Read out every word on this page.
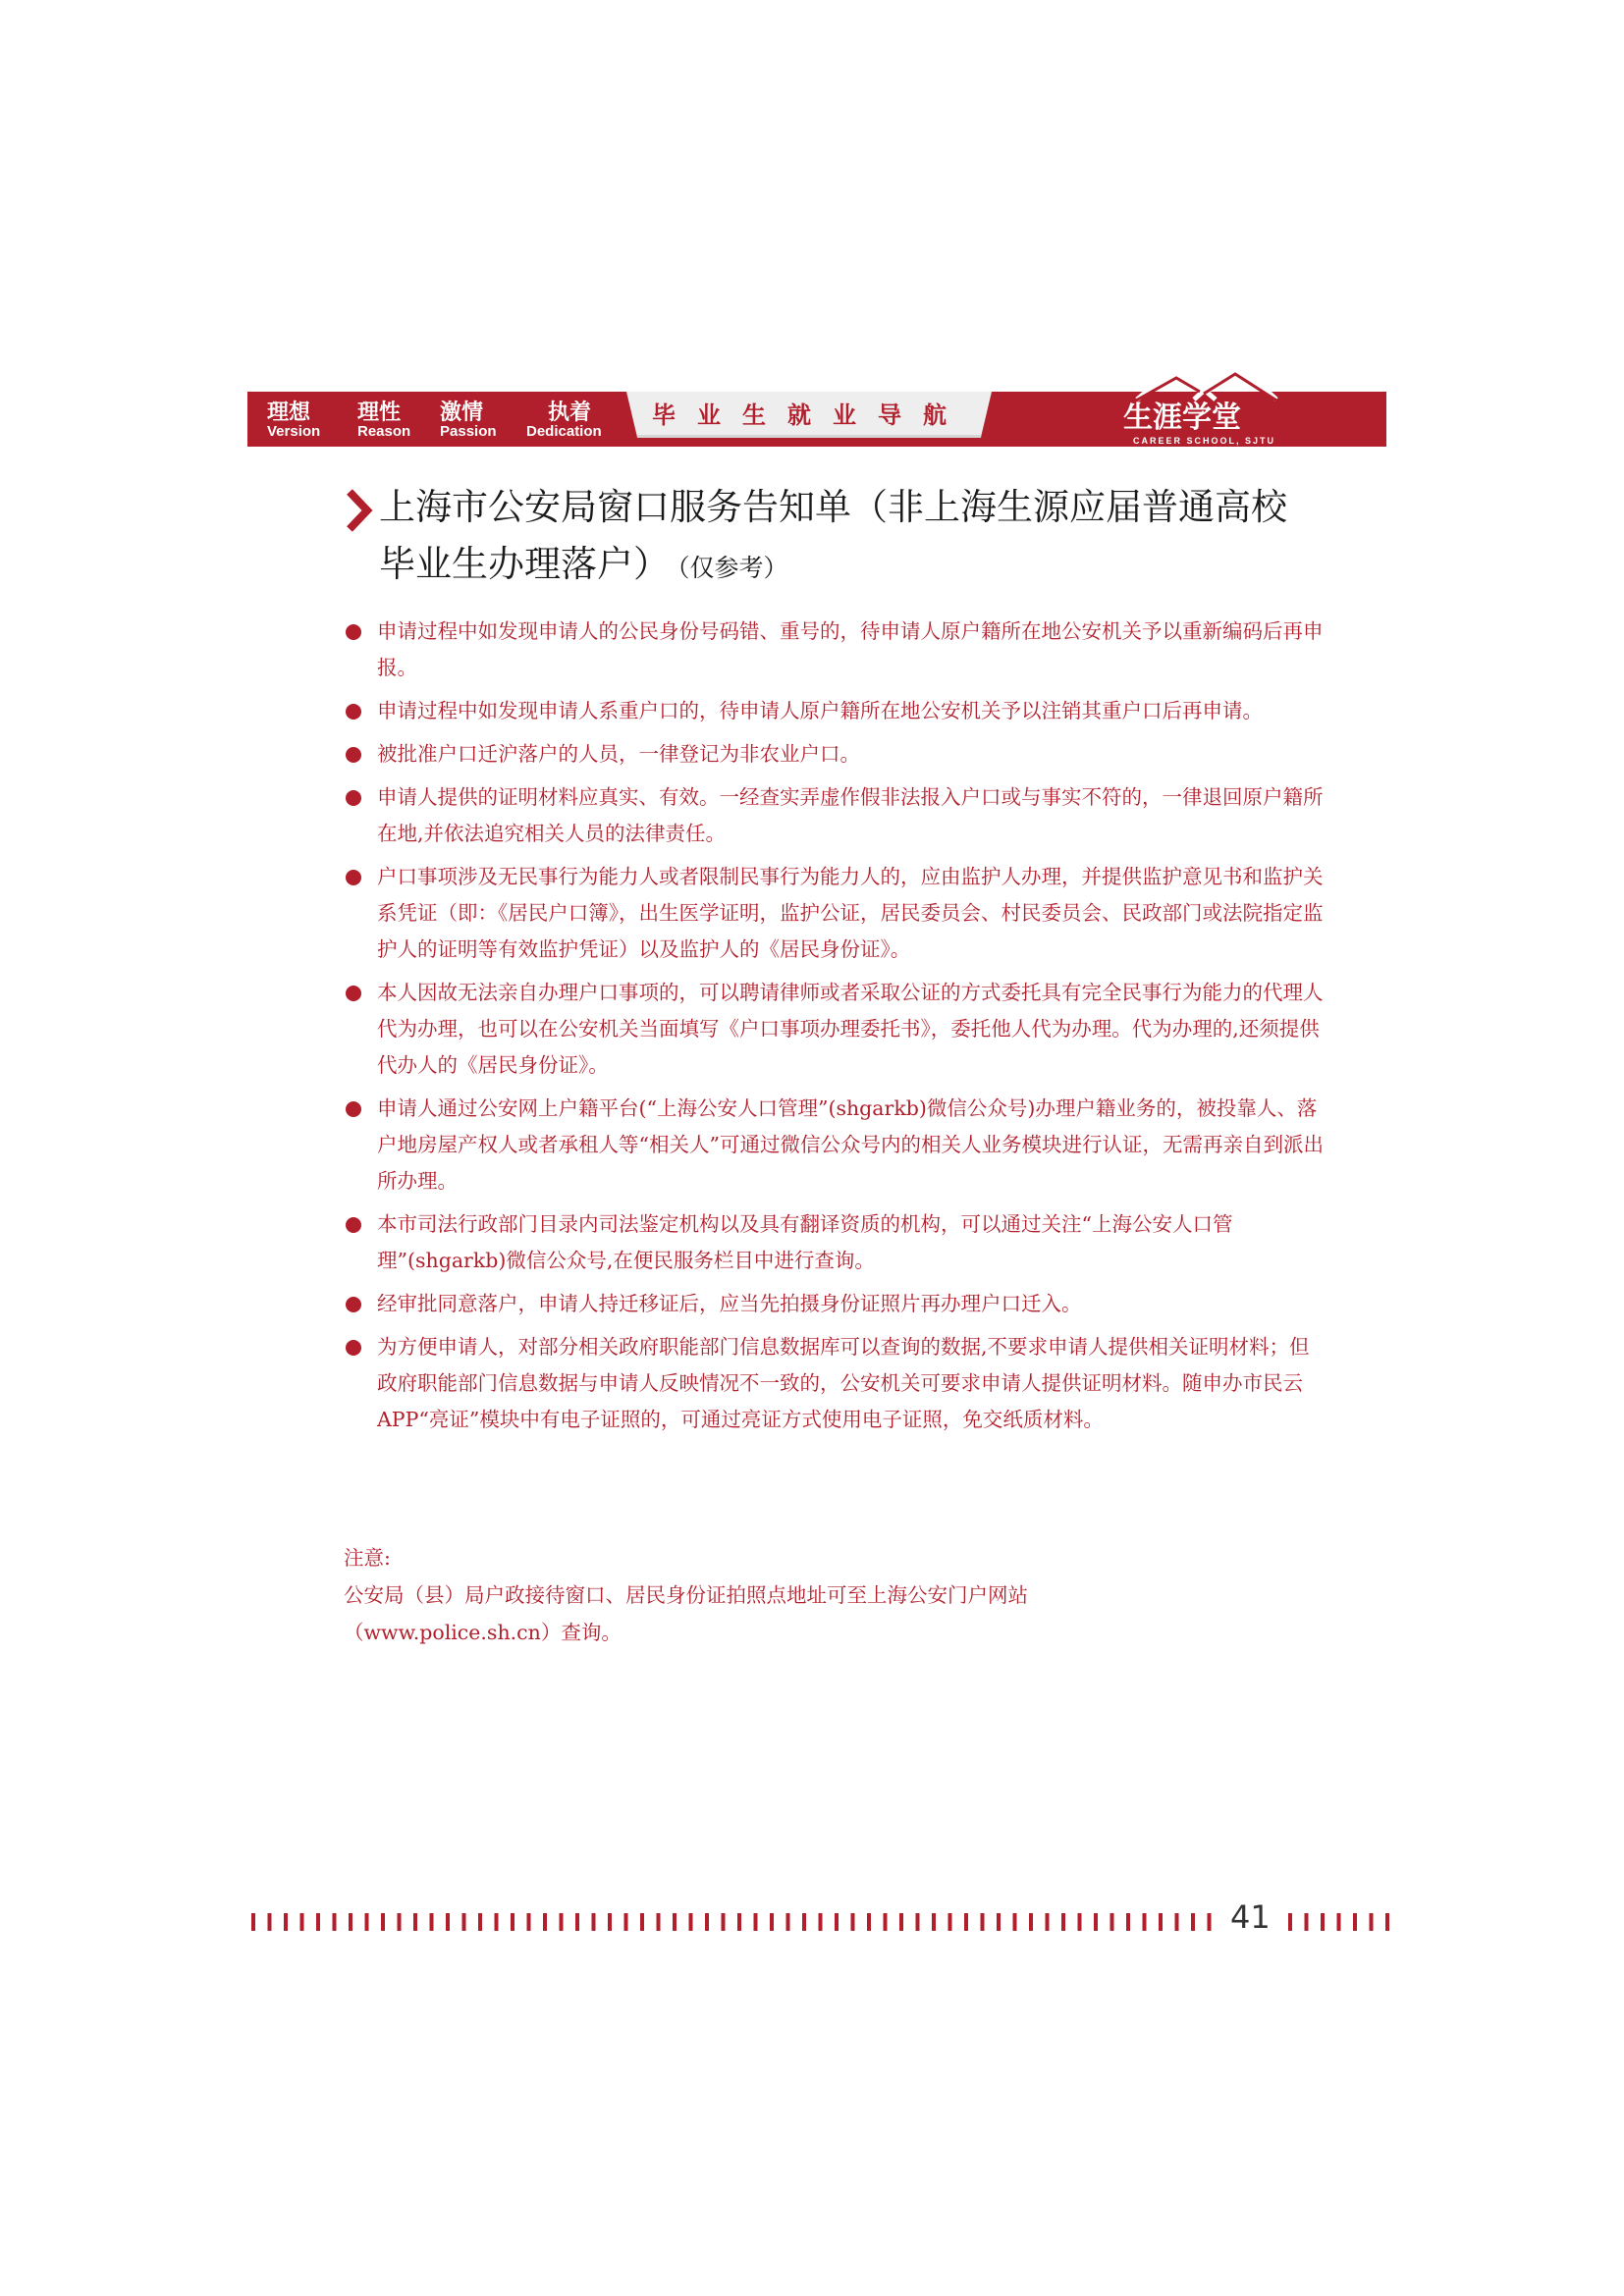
理想
Version
理性
Reason
激情
Passion
执着
Dedication
毕业生就业导航	生涯学堂
CAREER SCHOOL, SJTU
上海市公安局窗口服务告知单（非上海生源应届普通高校毕业生办理落户） （仅参考）
申请过程中如发现申请人的公民身份号码错、重号的，待申请人原户籍所在地公安机关予以重新编码后再申报。
申请过程中如发现申请人系重户口的，待申请人原户籍所在地公安机关予以注销其重户口后再申请。
被批准户口迁沪落户的人员，一律登记为非农业户口。
申请人提供的证明材料应真实、有效。一经查实弄虚作假非法报入户口或与事实不符的，一律退回原户籍所在地,并依法追究相关人员的法律责任。
户口事项涉及无民事行为能力人或者限制民事行为能力人的，应由监护人办理，并提供监护意见书和监护关系凭证（即：《居民户口簿》，出生医学证明，监护公证，居民委员会、村民委员会、民政部门或法院指定监护人的证明等有效监护凭证）以及监护人的《居民身份证》。
本人因故无法亲自办理户口事项的，可以聘请律师或者采取公证的方式委托具有完全民事行为能力的代理人代为办理，也可以在公安机关当面填写《户口事项办理委托书》，委托他人代为办理。代为办理的,还须提供代办人的《居民身份证》。
申请人通过公安网上户籍平台(“上海公安人口管理”(shgarkb)微信公众号)办理户籍业务的，被投靠人、落户地房屋产权人或者承租人等“相关人”可通过微信公众号内的相关人业务模块进行认证，无需再亲自到派出所办理。
本市司法行政部门目录内司法鉴定机构以及具有翻译资质的机构，可以通过关注“上海公安人口管理”(shgarkb)微信公众号,在便民服务栏目中进行查询。
经审批同意落户，申请人持迁移证后，应当先拍摄身份证照片再办理户口迁入。
为方便申请人，对部分相关政府职能部门信息数据库可以查询的数据,不要求申请人提供相关证明材料；但政府职能部门信息数据与申请人反映情况不一致的，公安机关可要求申请人提供证明材料。随申办市民云APP“亮证”模块中有电子证照的，可通过亮证方式使用电子证照，免交纸质材料。
注意:
公安局（县）局户政接待窗口、居民身份证拍照点地址可至上海公安门户网站
（www.police.sh.cn）查询。
41
